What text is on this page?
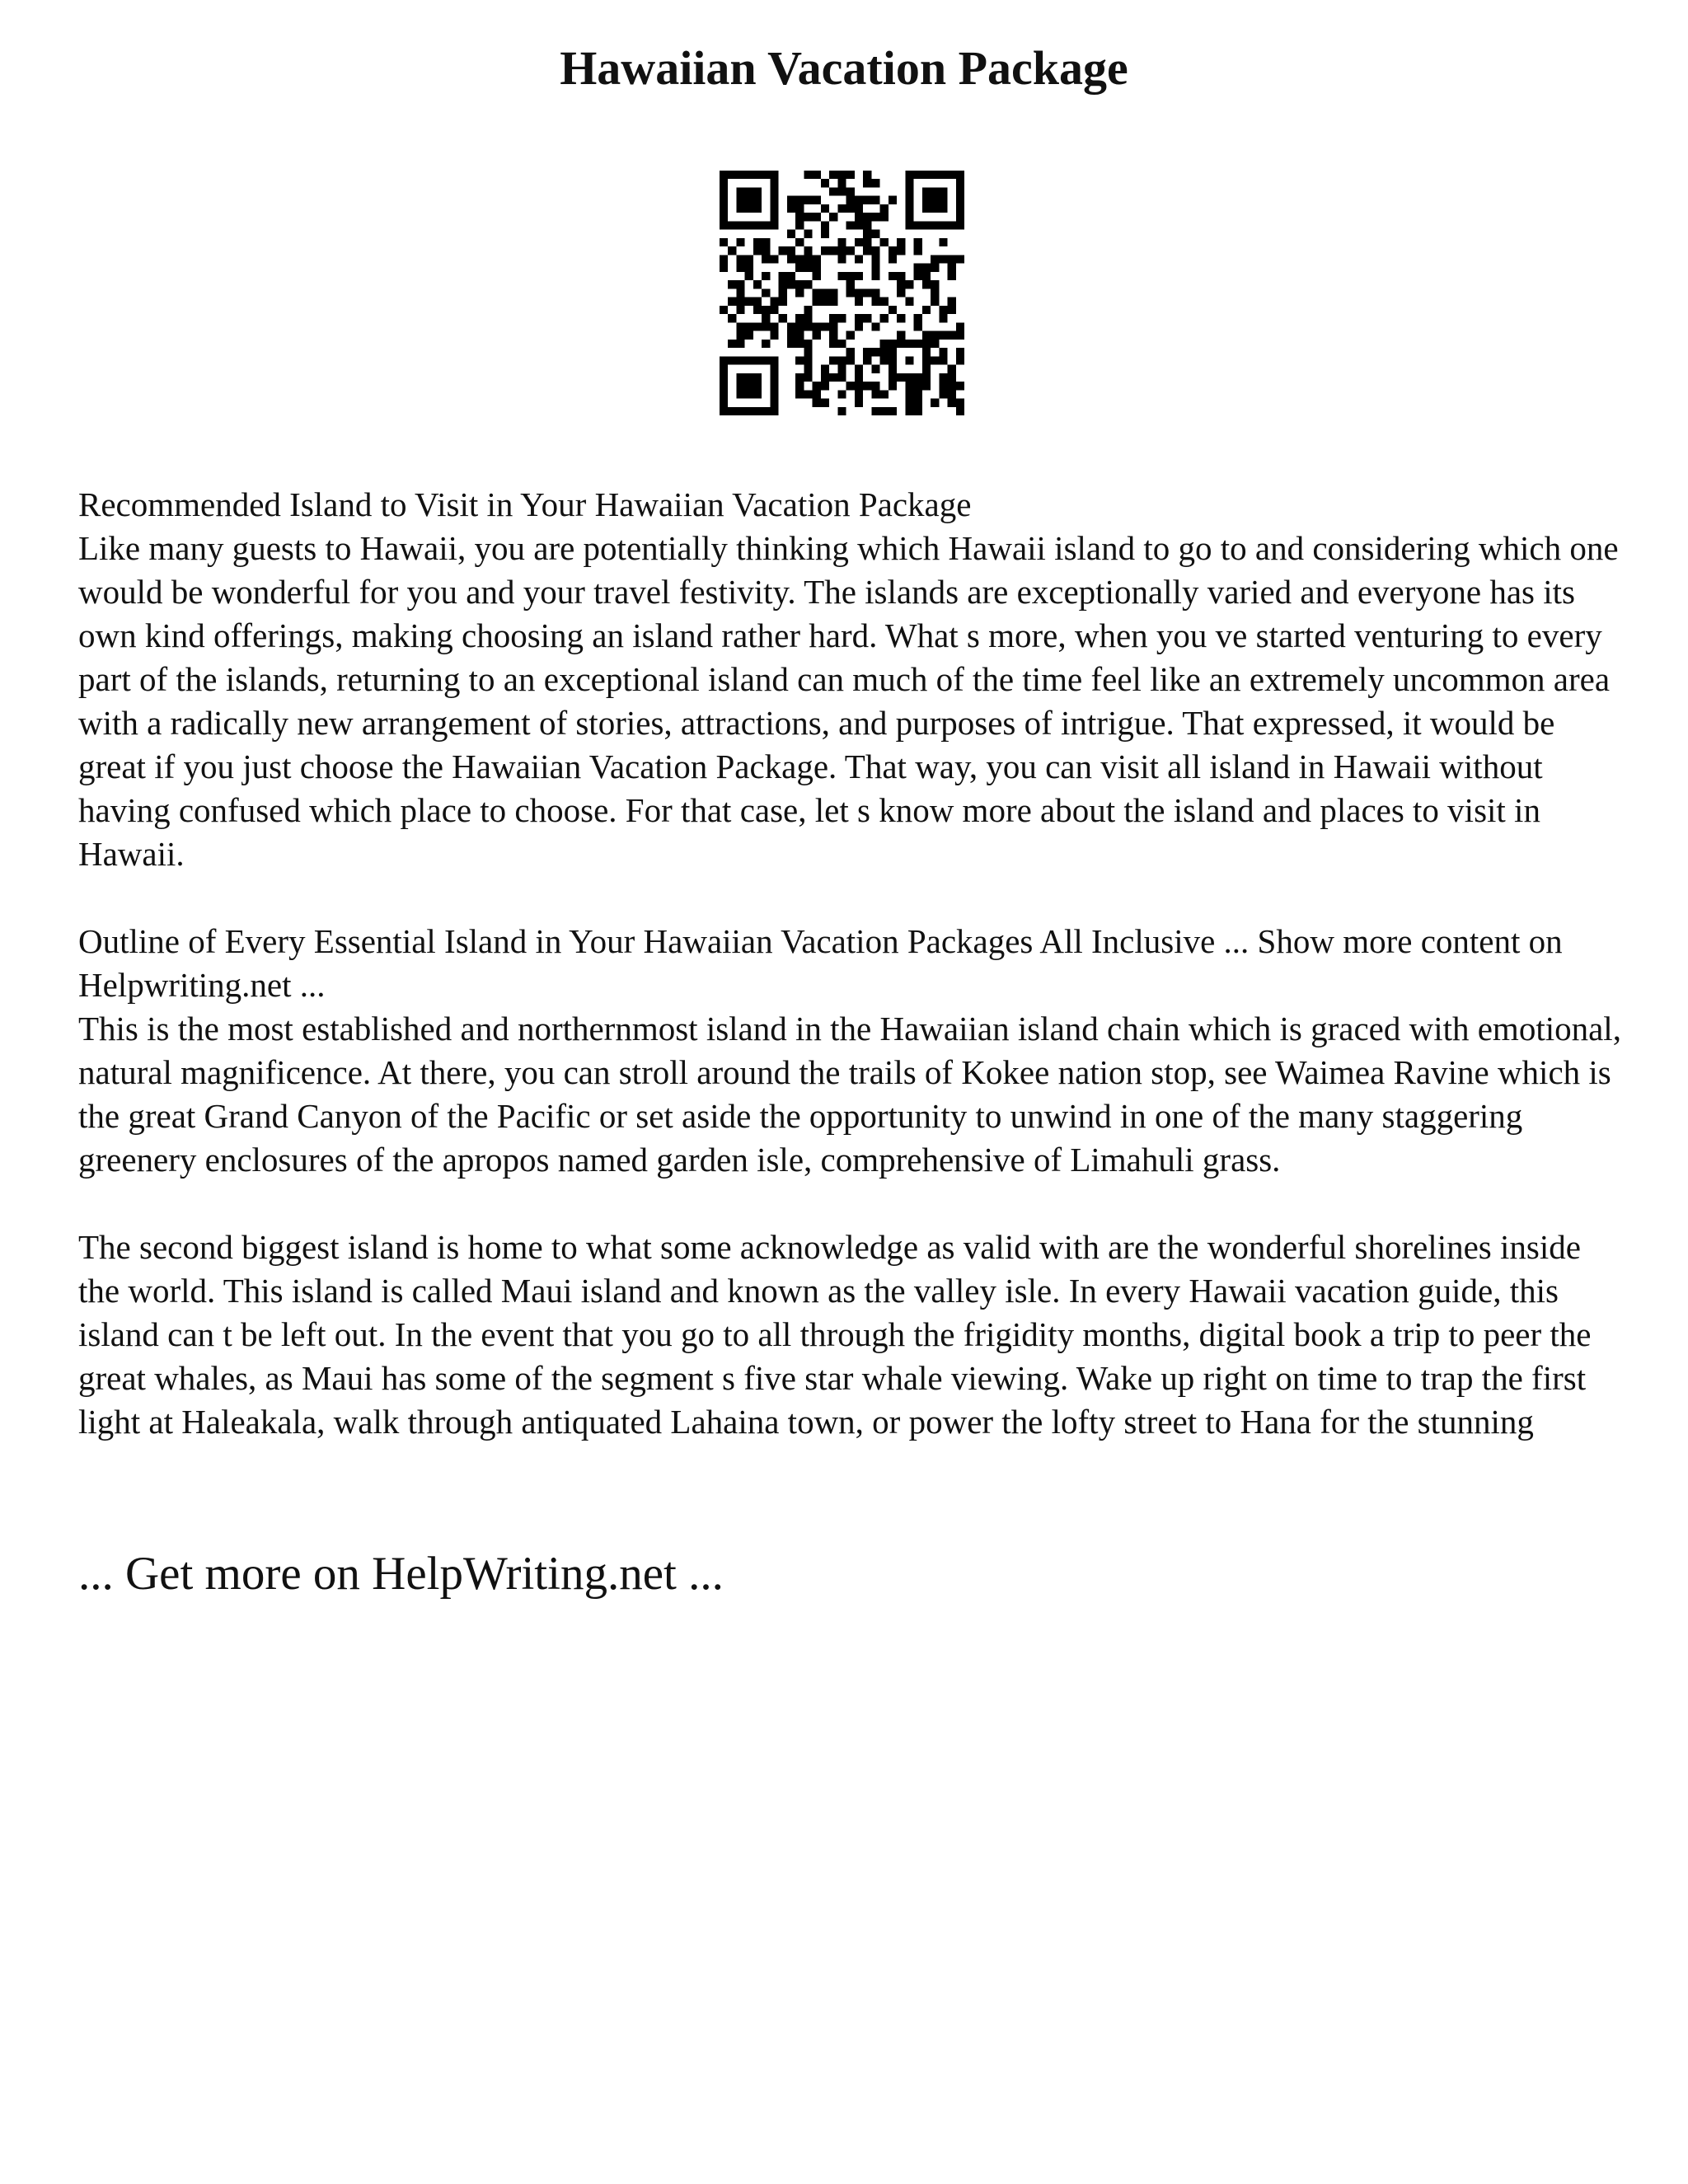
Hawaiian Vacation Package

Recommended Island to Visit in Your Hawaiian Vacation Package

Like many guests to Hawaii, you are potentially thinking which Hawaii island to go to and considering which one would be wonderful for you and your travel festivity. The islands are exceptionally varied and everyone has its own kind offerings, making choosing an island rather hard. What s more, when you ve started venturing to every part of the islands, returning to an exceptional island can much of the time feel like an extremely uncommon area with a radically new arrangement of stories, attractions, and purposes of intrigue. That expressed, it would be great if you just choose the Hawaiian Vacation Package. That way, you can visit all island in Hawaii without having confused which place to choose. For that case, let s know more about the island and places to visit in Hawaii.

Outline of Every Essential Island in Your Hawaiian Vacation Packages All Inclusive ... Show more content on Helpwriting.net ...

This is the most established and northernmost island in the Hawaiian island chain which is graced with emotional, natural magnificence. At there, you can stroll around the trails of Kokee nation stop, see Waimea Ravine which is the great Grand Canyon of the Pacific or set aside the opportunity to unwind in one of the many staggering greenery enclosures of the apropos named garden isle, comprehensive of Limahuli grass.

The second biggest island is home to what some acknowledge as valid with are the wonderful shorelines inside the world. This island is called Maui island and known as the valley isle. In every Hawaii vacation guide, this island can t be left out. In the event that you go to all through the frigidity months, digital book a trip to peer the great whales, as Maui has some of the segment s five star whale viewing. Wake up right on time to trap the first light at Haleakala, walk through antiquated Lahaina town, or power the lofty street to Hana for the stunning

... Get more on HelpWriting.net ...
